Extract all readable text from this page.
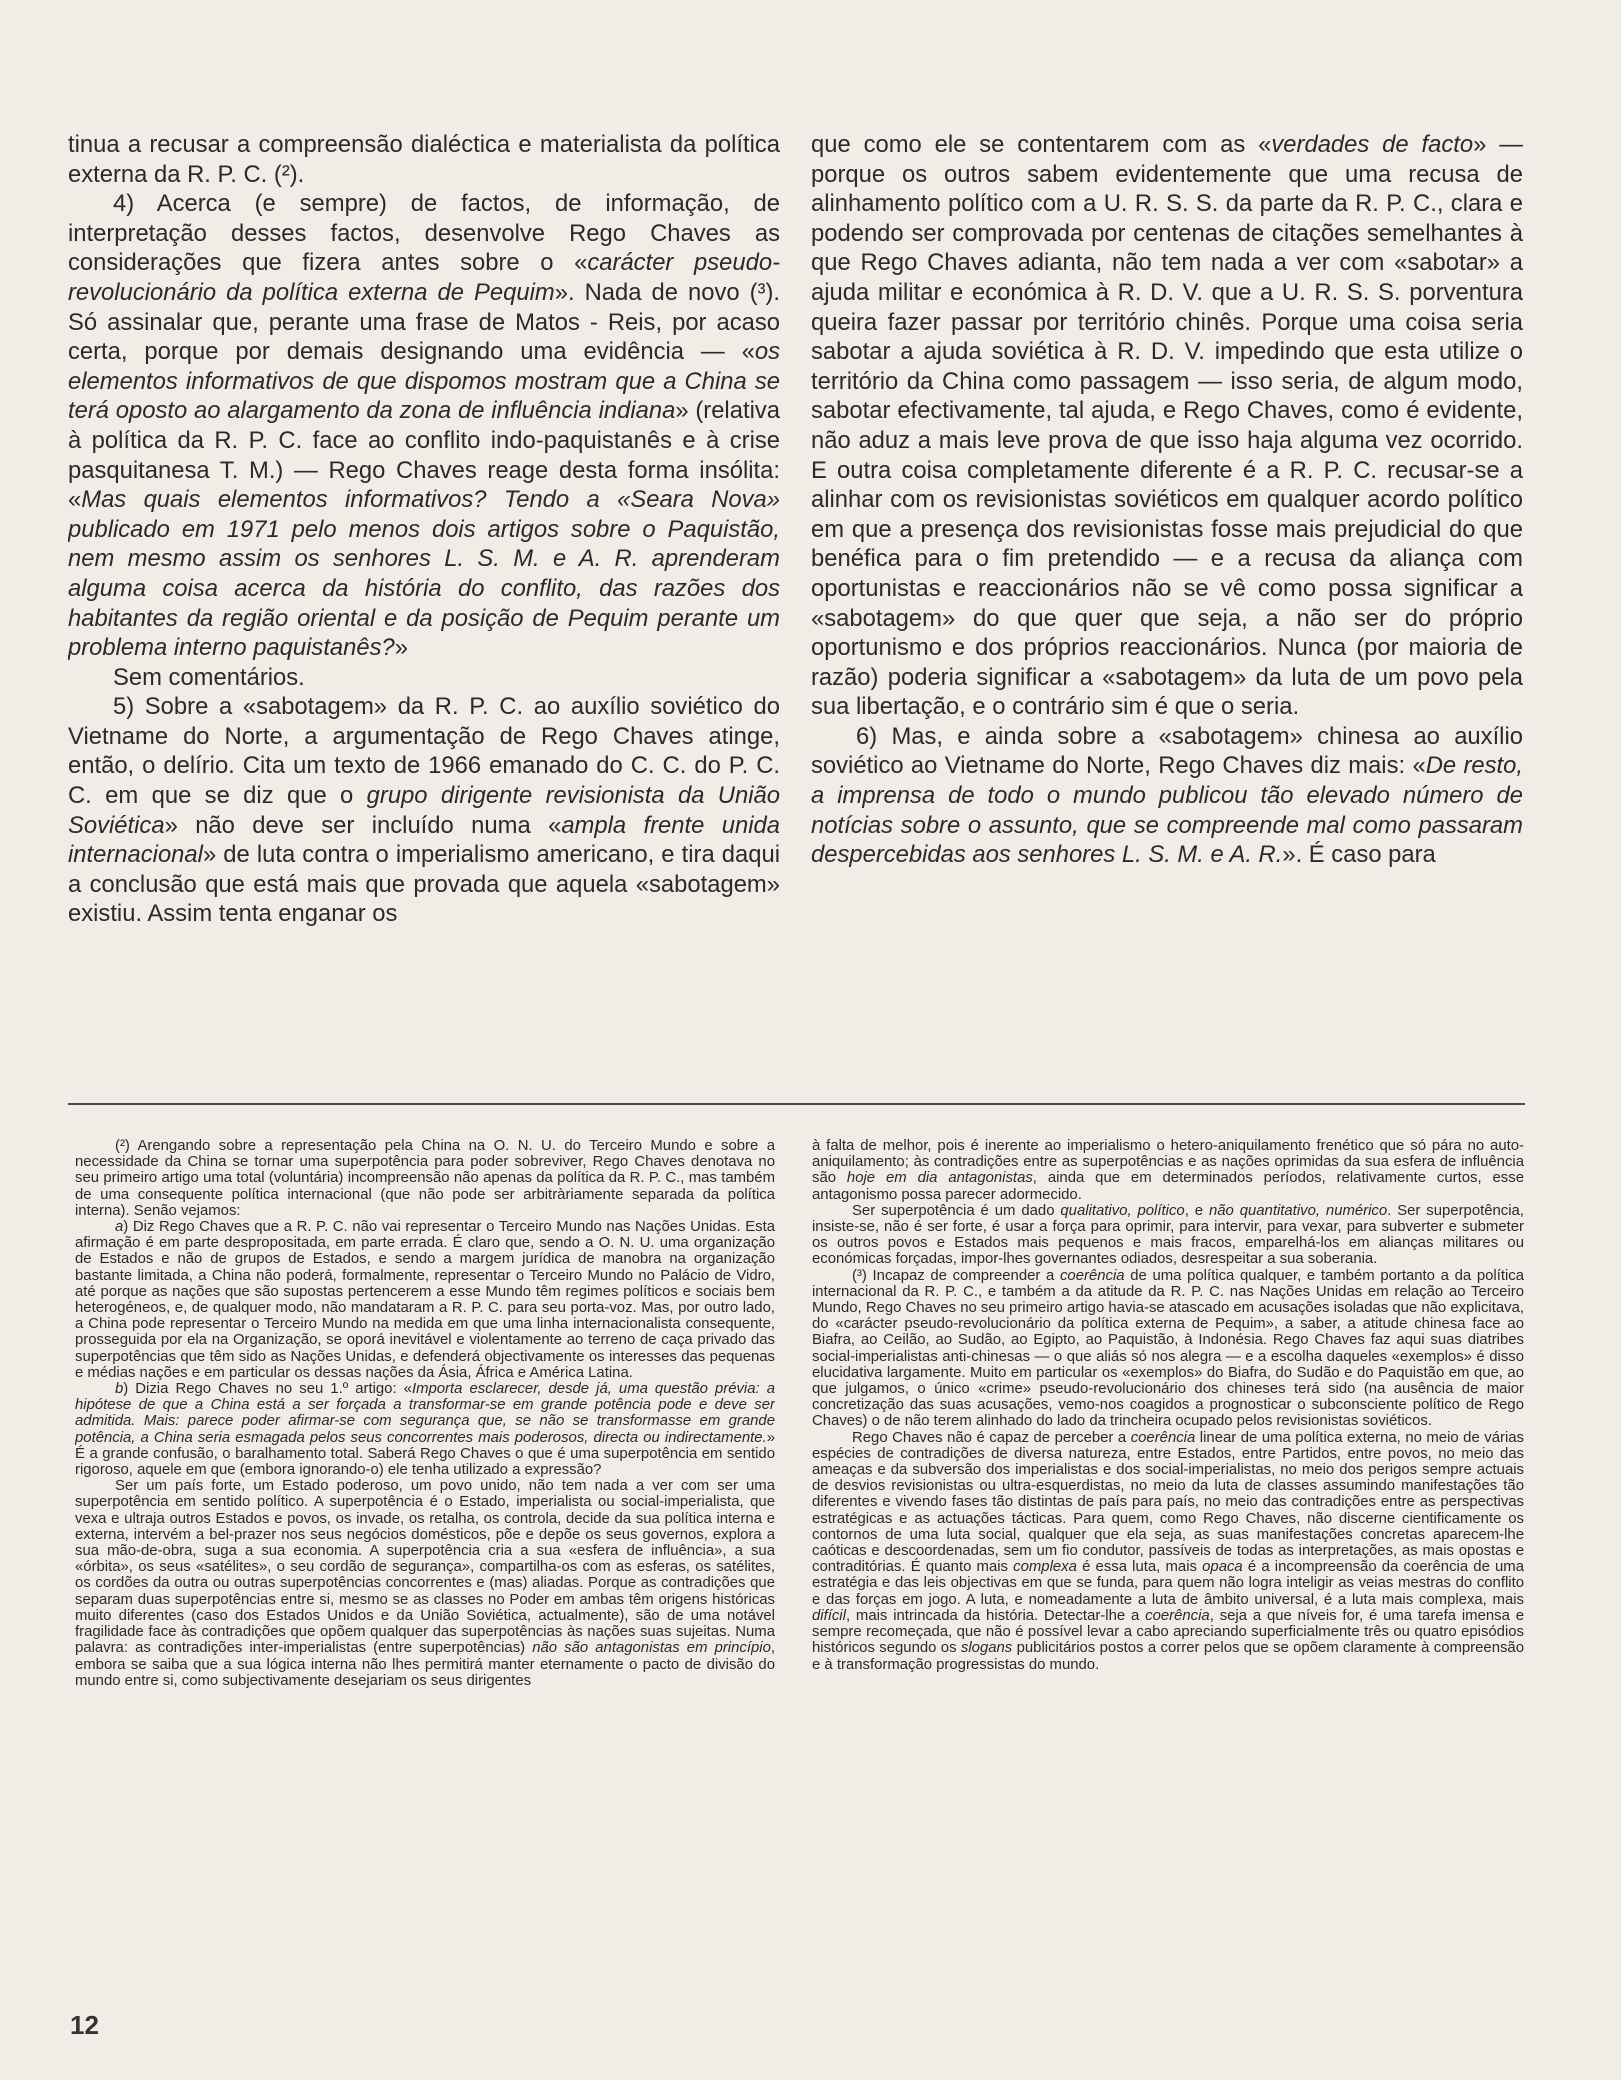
tinua a recusar a compreensão dialéctica e materialista da política externa da R. P. C. (²).

4) Acerca (e sempre) de factos, de informação, de interpretação desses factos, desenvolve Rego Chaves as considerações que fizera antes sobre o «carácter pseudo-revolucionário da política externa de Pequim». Nada de novo (³). Só assinalar que, perante uma frase de Matos - Reis, por acaso certa, porque por demais designando uma evidência — «os elementos informativos de que dispomos mostram que a China se terá oposto ao alargamento da zona de influência indiana» (relativa à política da R. P. C. face ao conflito indo-paquistanês e à crise pasquitanesa T. M.) — Rego Chaves reage desta forma insólita: «Mas quais elementos informativos? Tendo a «Seara Nova» publicado em 1971 pelo menos dois artigos sobre o Paquistão, nem mesmo assim os senhores L. S. M. e A. R. aprenderam alguma coisa acerca da história do conflito, das razões dos habitantes da região oriental e da posição de Pequim perante um problema interno paquistanês?»

Sem comentários.

5) Sobre a «sabotagem» da R. P. C. ao auxílio soviético do Vietname do Norte, a argumentação de Rego Chaves atinge, então, o delírio. Cita um texto de 1966 emanado do C. C. do P. C. C. em que se diz que o grupo dirigente revisionista da União Soviética» não deve ser incluído numa «ampla frente unida internacional» de luta contra o imperialismo americano, e tira daqui a conclusão que está mais que provada que aquela «sabotagem» existiu. Assim tenta enganar os

que como ele se contentarem com as «verdades de facto» — porque os outros sabem evidentemente que uma recusa de alinhamento político com a U. R. S. S. da parte da R. P. C., clara e podendo ser comprovada por centenas de citações semelhantes à que Rego Chaves adianta, não tem nada a ver com «sabotar» a ajuda militar e económica à R. D. V. que a U. R. S. S. porventura queira fazer passar por território chinês. Porque uma coisa seria sabotar a ajuda soviética à R. D. V. impedindo que esta utilize o território da China como passagem — isso seria, de algum modo, sabotar efectivamente, tal ajuda, e Rego Chaves, como é evidente, não aduz a mais leve prova de que isso haja alguma vez ocorrido. E outra coisa completamente diferente é a R. P. C. recusar-se a alinhar com os revisionistas soviéticos em qualquer acordo político em que a presença dos revisionistas fosse mais prejudicial do que benéfica para o fim pretendido — e a recusa da aliança com oportunistas e reaccionários não se vê como possa significar a «sabotagem» do que quer que seja, a não ser do próprio oportunismo e dos próprios reaccionários. Nunca (por maioria de razão) poderia significar a «sabotagem» da luta de um povo pela sua libertação, e o contrário sim é que o seria.

6) Mas, e ainda sobre a «sabotagem» chinesa ao auxílio soviético ao Vietname do Norte, Rego Chaves diz mais: «De resto, a imprensa de todo o mundo publicou tão elevado número de notícias sobre o assunto, que se compreende mal como passaram despercebidas aos senhores L. S. M. e A. R.». É caso para

(²) Arengando sobre a representação pela China na O. N. U. do Terceiro Mundo e sobre a necessidade da China se tornar uma superpotência para poder sobreviver, Rego Chaves denotava no seu primeiro artigo uma total (voluntária) incompreensão não apenas da política da R. P. C., mas também de uma consequente política internacional (que não pode ser arbitràriamente separada da política interna). Senão vejamos:

a) Diz Rego Chaves que a R. P. C. não vai representar o Terceiro Mundo nas Nações Unidas. Esta afirmação é em parte despropositada, em parte errada. É claro que, sendo a O. N. U. uma organização de Estados e não de grupos de Estados, e sendo a margem jurídica de manobra na organização bastante limitada, a China não poderá, formalmente, representar o Terceiro Mundo no Palácio de Vidro, até porque as nações que são supostas pertencerem a esse Mundo têm regimes políticos e sociais bem heterogéneos, e, de qualquer modo, não mandataram a R. P. C. para seu porta-voz. Mas, por outro lado, a China pode representar o Terceiro Mundo na medida em que uma linha internacionalista consequente, prosseguida por ela na Organização, se oporá inevitável e violentamente ao terreno de caça privado das superpotências que têm sido as Nações Unidas, e defenderá objectivamente os interesses das pequenas e médias nações e em particular os dessas nações da Ásia, África e América Latina.

b) Dizia Rego Chaves no seu 1.º artigo: «Importa esclarecer, desde já, uma questão prévia: a hipótese de que a China está a ser forçada a transformar-se em grande potência pode e deve ser admitida. Mais: parece poder afirmar-se com segurança que, se não se transformasse em grande potência, a China seria esmagada pelos seus concorrentes mais poderosos, directa ou indirectamente.» É a grande confusão, o baralhamento total. Saberá Rego Chaves o que é uma superpotência em sentido rigoroso, aquele em que (embora ignorando-o) ele tenha utilizado a expressão?

Ser um país forte, um Estado poderoso, um povo unido, não tem nada a ver com ser uma superpotência em sentido político. A superpotência é o Estado, imperialista ou social-imperialista, que vexa e ultraja outros Estados e povos, os invade, os retalha, os controla, decide da sua política interna e externa, intervém a bel-prazer nos seus negócios domésticos, põe e depõe os seus governos, explora a sua mão-de-obra, suga a sua economia. A superpotência cria a sua «esfera de influência», a sua «órbita», os seus «satélites», o seu cordão de segurança», compartilha-os com as esferas, os satélites, os cordões da outra ou outras superpotências concorrentes e (mas) aliadas. Porque as contradições que separam duas superpotências entre si, mesmo se as classes no Poder em ambas têm origens históricas muito diferentes (caso dos Estados Unidos e da União Soviética, actualmente), são de uma notável fragilidade face às contradições que opõem qualquer das superpotências às nações suas sujeitas. Numa palavra: as contradições inter-imperialistas (entre superpotências) não são antagonistas em princípio, embora se saiba que a sua lógica interna não lhes permitirá manter eternamente o pacto de divisão do mundo entre si, como subjectivamente desejariam os seus dirigentes

à falta de melhor, pois é inerente ao imperialismo o hetero-aniquilamento frenético que só pára no auto-aniquilamento; às contradições entre as superpotências e as nações oprimidas da sua esfera de influência são hoje em dia antagonistas, ainda que em determinados períodos, relativamente curtos, esse antagonismo possa parecer adormecido.

Ser superpotência é um dado qualitativo, político, e não quantitativo, numérico. Ser superpotência, insiste-se, não é ser forte, é usar a força para oprimir, para intervir, para vexar, para subverter e submeter os outros povos e Estados mais pequenos e mais fracos, emparelhá-los em alianças militares ou económicas forçadas, impor-lhes governantes odiados, desrespeitar a sua soberania.

(³) Incapaz de compreender a coerência de uma política qualquer, e também portanto a da política internacional da R. P. C., e também a da atitude da R. P. C. nas Nações Unidas em relação ao Terceiro Mundo, Rego Chaves no seu primeiro artigo havia-se atascado em acusações isoladas que não explicitava, do «carácter pseudo-revolucionário da política externa de Pequim», a saber, a atitude chinesa face ao Biafra, ao Ceilão, ao Sudão, ao Egipto, ao Paquistão, à Indonésia. Rego Chaves faz aqui suas diatribes social-imperialistas anti-chinesas — o que aliás só nos alegra — e a escolha daqueles «exemplos» é disso elucidativa largamente. Muito em particular os «exemplos» do Biafra, do Sudão e do Paquistão em que, ao que julgamos, o único «crime» pseudo-revolucionário dos chineses terá sido (na ausência de maior concretização das suas acusações, vemo-nos coagidos a prognosticar o subconsciente político de Rego Chaves) o de não terem alinhado do lado da trincheira ocupado pelos revisionistas soviéticos.

Rego Chaves não é capaz de perceber a coerência linear de uma política externa, no meio de várias espécies de contradições de diversa natureza, entre Estados, entre Partidos, entre povos, no meio das ameaças e da subversão dos imperialistas e dos social-imperialistas, no meio dos perigos sempre actuais de desvios revisionistas ou ultra-esquerdistas, no meio da luta de classes assumindo manifestações tão diferentes e vivendo fases tão distintas de país para país, no meio das contradições entre as perspectivas estratégicas e as actuações tácticas. Para quem, como Rego Chaves, não discerne cientificamente os contornos de uma luta social, qualquer que ela seja, as suas manifestações concretas aparecem-lhe caóticas e descoordenadas, sem um fio condutor, passíveis de todas as interpretações, as mais opostas e contraditórias. É quanto mais complexa é essa luta, mais opaca é a incompreensão da coerência de uma estratégia e das leis objectivas em que se funda, para quem não logra inteligir as veias mestras do conflito e das forças em jogo. A luta, e nomeadamente a luta de âmbito universal, é a luta mais complexa, mais difícil, mais intrincada da história. Detectar-lhe a coerência, seja a que níveis for, é uma tarefa imensa e sempre recomeçada, que não é possível levar a cabo apreciando superficialmente três ou quatro episódios históricos segundo os slogans publicitários postos a correr pelos que se opõem claramente à compreensão e à transformação progressistas do mundo.

12
